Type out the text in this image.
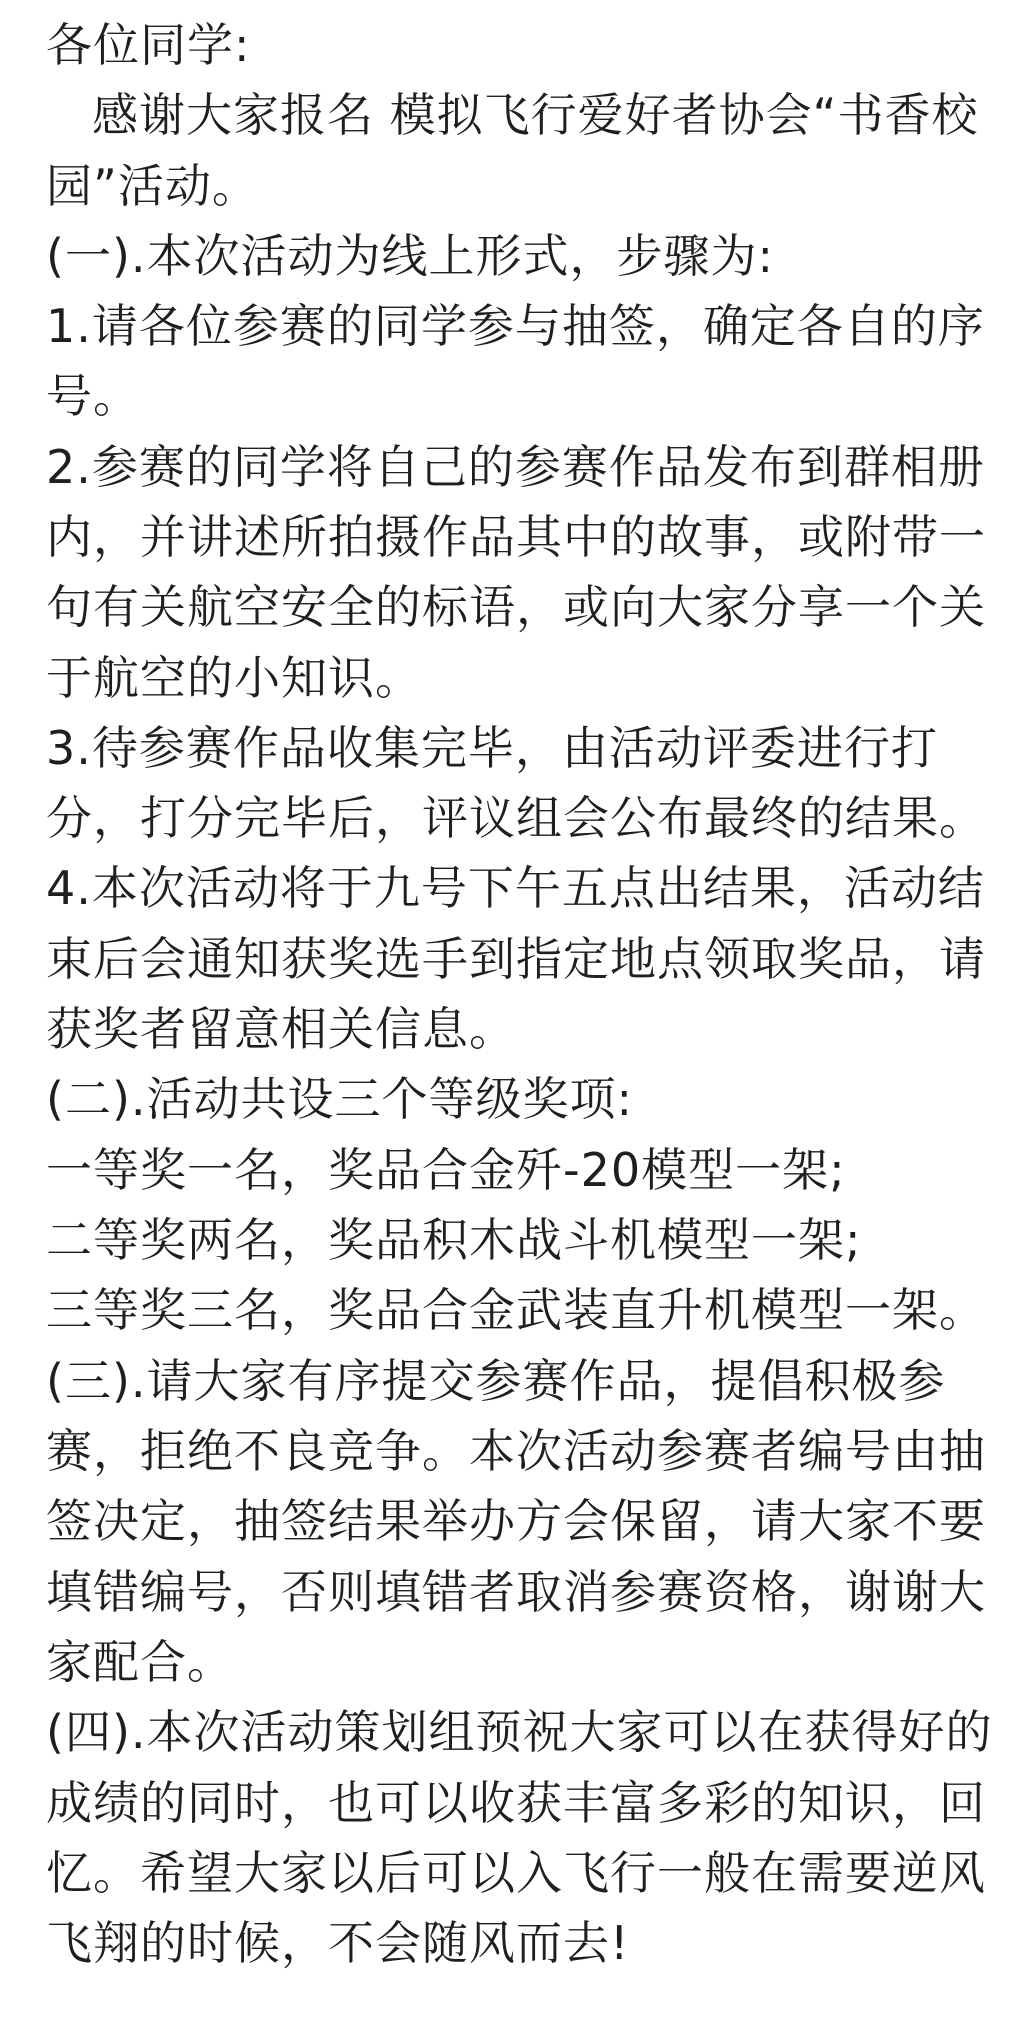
各位同学:
感谢大家报名 模拟飞行爱好者协会“书香校
园”活动。
(一).本次活动为线上形式，步骤为:
1.请各位参赛的同学参与抽签，确定各自的序
号。
2.参赛的同学将自己的参赛作品发布到群相册
内，并讲述所拍摄作品其中的故事，或附带一
句有关航空安全的标语，或向大家分享一个关
于航空的小知识。
3.待参赛作品收集完毕，由活动评委进行打
分，打分完毕后，评议组会公布最终的结果。
4.本次活动将于九号下午五点出结果，活动结
束后会通知获奖选手到指定地点领取奖品，请
获奖者留意相关信息。
(二).活动共设三个等级奖项:
一等奖一名，奖品合金歼-20模型一架;
二等奖两名，奖品积木战斗机模型一架;
三等奖三名，奖品合金武装直升机模型一架。
(三).请大家有序提交参赛作品，提倡积极参
赛，拒绝不良竞争。本次活动参赛者编号由抽
签决定，抽签结果举办方会保留，请大家不要
填错编号，否则填错者取消参赛资格，谢谢大
家配合。
(四).本次活动策划组预祝大家可以在获得好的
成绩的同时，也可以收获丰富多彩的知识，回
忆。希望大家以后可以入飞行一般在需要逆风
飞翔的时候，不会随风而去!
